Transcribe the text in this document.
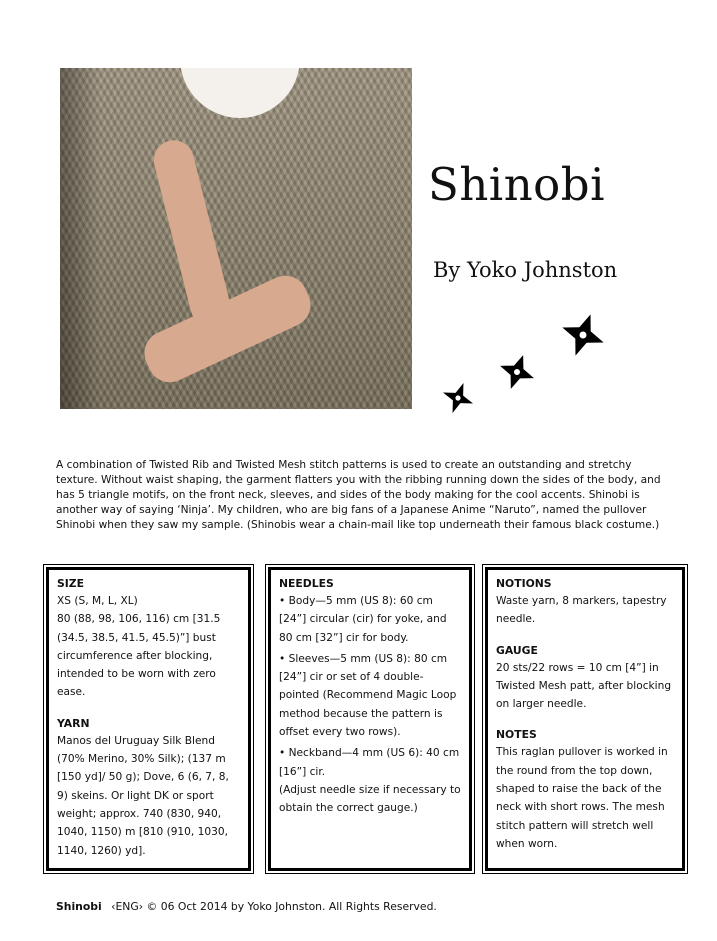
Shinobi
By Yoko Johnston

A combination of Twisted Rib and Twisted Mesh stitch patterns is used to create an outstanding and stretchy texture. Without waist shaping, the garment flatters you with the ribbing running down the sides of the body, and has 5 triangle motifs, on the front neck, sleeves, and sides of the body making for the cool accents. Shinobi is another way of saying ‘Ninja’. My children, who are big fans of a Japanese Anime “Naruto”, named the pullover Shinobi when they saw my sample. (Shinobis wear a chain-mail like top underneath their famous black costume.)

SIZE

XS (S, M, L, XL)

80 (88, 98, 106, 116) cm [31.5 (34.5, 38.5, 41.5, 45.5)”] bust circumference after blocking, intended to be worn with zero ease.

YARN

Manos del Uruguay Silk Blend (70% Merino, 30% Silk); (137 m [150 yd]/ 50 g); Dove, 6 (6, 7, 8, 9) skeins. Or light DK or sport weight; approx. 740 (830, 940, 1040, 1150) m [810 (910, 1030, 1140, 1260) yd].

NEEDLES

• Body—5 mm (US 8): 60 cm [24”] circular (cir) for yoke, and 80 cm [32”] cir for body.

• Sleeves—5 mm (US 8): 80 cm [24”] cir or set of 4 double-pointed (Recommend Magic Loop method because the pattern is offset every two rows).

• Neckband—4 mm (US 6): 40 cm [16”] cir.

(Adjust needle size if necessary to obtain the correct gauge.)

NOTIONS

Waste yarn, 8 markers, tapestry needle.

GAUGE

20 sts/22 rows = 10 cm [4”] in Twisted Mesh patt, after blocking on larger needle.

NOTES

This raglan pullover is worked in the round from the top down, shaped to raise the back of the neck with short rows. The mesh stitch pattern will stretch well when worn.

Shinobi ‹ENG› © 06 Oct 2014 by Yoko Johnston. All Rights Reserved.
